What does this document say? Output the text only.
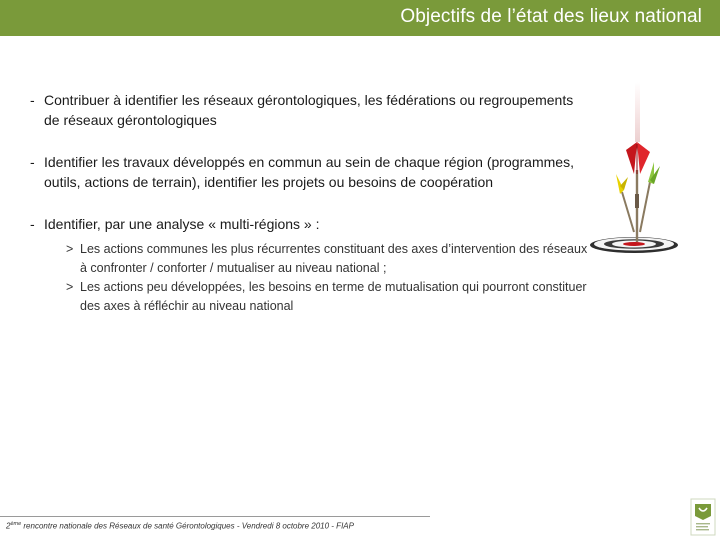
Objectifs de l’état des lieux national
- Contribuer à identifier les réseaux gérontologiques, les fédérations ou regroupements de réseaux gérontologiques
- Identifier les travaux développés en commun au sein de chaque région (programmes, outils, actions de terrain), identifier les projets ou besoins de coopération
- Identifier, par une analyse « multi-régions » :
> Les actions communes les plus récurrentes constituant des axes d’intervention des réseaux à confronter / conforter / mutualiser au niveau national ;
> Les actions peu développées, les besoins en terme de mutualisation qui pourront constituer des axes à réfléchir au niveau national
2ème rencontre nationale des Réseaux de santé Gérontologiques - Vendredi 8 octobre 2010 - FIAP
